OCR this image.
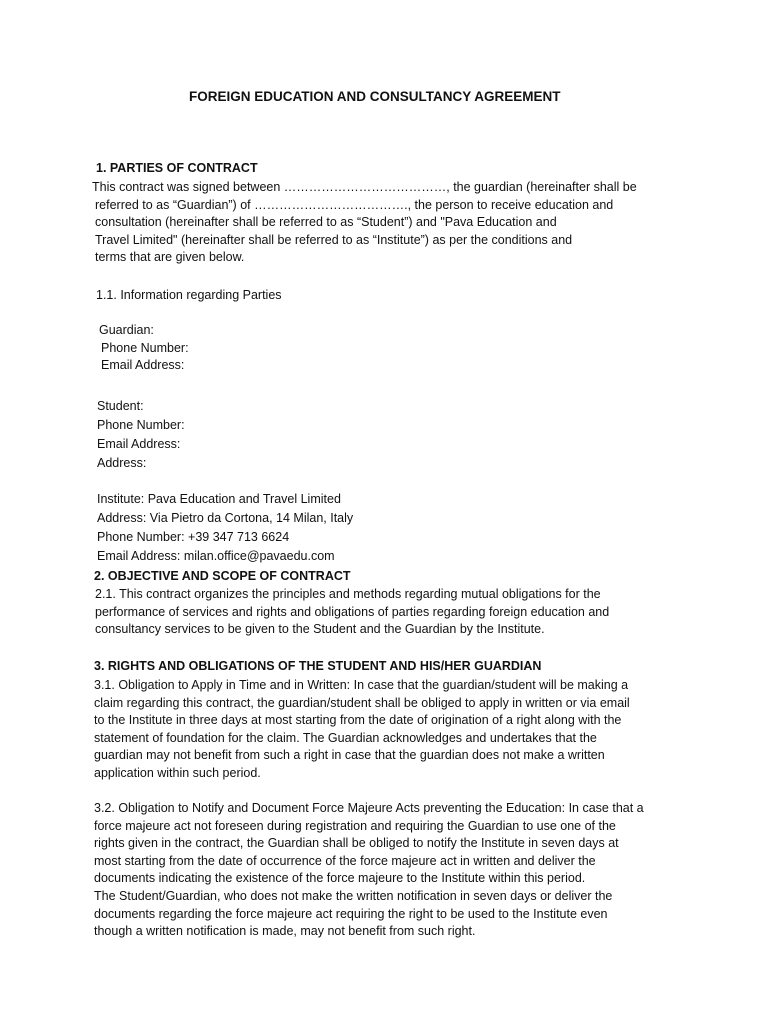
FOREIGN EDUCATION AND CONSULTANCY AGREEMENT
1. PARTIES OF CONTRACT
This contract was signed between …………………………………, the guardian (hereinafter shall be
referred to as “Guardian”) of ………………………………., the person to receive education and
consultation (hereinafter shall be referred to as “Student”) and "Pava Education and
Travel Limited" (hereinafter shall be referred to as “Institute”) as per the conditions and
terms that are given below.
1.1. Information regarding Parties
Guardian:
Phone Number:
Email Address:
Student:
Phone Number:
Email Address:
Address:
Institute: Pava Education and Travel Limited
Address: Via Pietro da Cortona, 14 Milan, Italy
Phone Number: +39 347 713 6624
Email Address: milan.office@pavaedu.com
2. OBJECTIVE AND SCOPE OF CONTRACT
2.1. This contract organizes the principles and methods regarding mutual obligations for the
performance of services and rights and obligations of parties regarding foreign education and
consultancy services to be given to the Student and the Guardian by the Institute.
3. RIGHTS AND OBLIGATIONS OF THE STUDENT AND HIS/HER GUARDIAN
3.1. Obligation to Apply in Time and in Written: In case that the guardian/student will be making a
claim regarding this contract, the guardian/student shall be obliged to apply in written or via email
to the Institute in three days at most starting from the date of origination of a right along with the
statement of foundation for the claim. The Guardian acknowledges and undertakes that the
guardian may not benefit from such a right in case that the guardian does not make a written
application within such period.
3.2. Obligation to Notify and Document Force Majeure Acts preventing the Education: In case that a
force majeure act not foreseen during registration and requiring the Guardian to use one of the
rights given in the contract, the Guardian shall be obliged to notify the Institute in seven days at
most starting from the date of occurrence of the force majeure act in written and deliver the
documents indicating the existence of the force majeure to the Institute within this period.
The Student/Guardian, who does not make the written notification in seven days or deliver the
documents regarding the force majeure act requiring the right to be used to the Institute even
though a written notification is made, may not benefit from such right.
